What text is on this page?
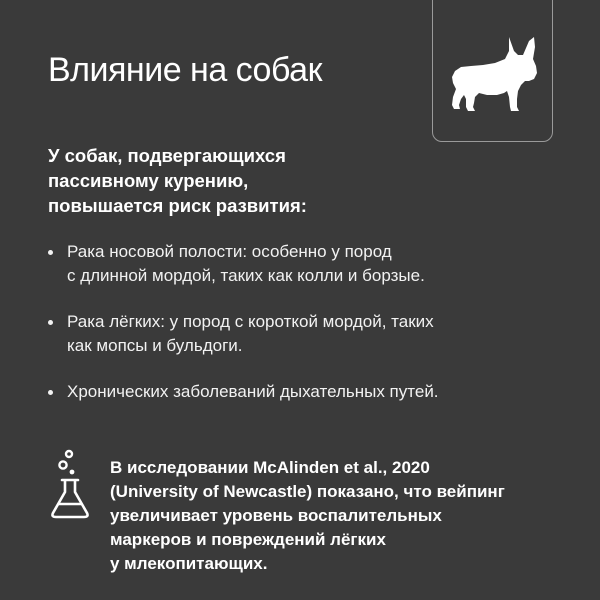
Влияние на собак

У собак, подвергающихся
пассивному курению,
повышается риск развития:

Рака носовой полости: особенно у пород
с длинной мордой, таких как колли и борзые.
Рака лёгких: у пород с короткой мордой, таких
как мопсы и бульдоги.
Хронических заболеваний дыхательных путей.

В исследовании McAlinden et al., 2020
(University of Newcastle) показано, что вейпинг
увеличивает уровень воспалительных
маркеров и повреждений лёгких
у млекопитающих.
